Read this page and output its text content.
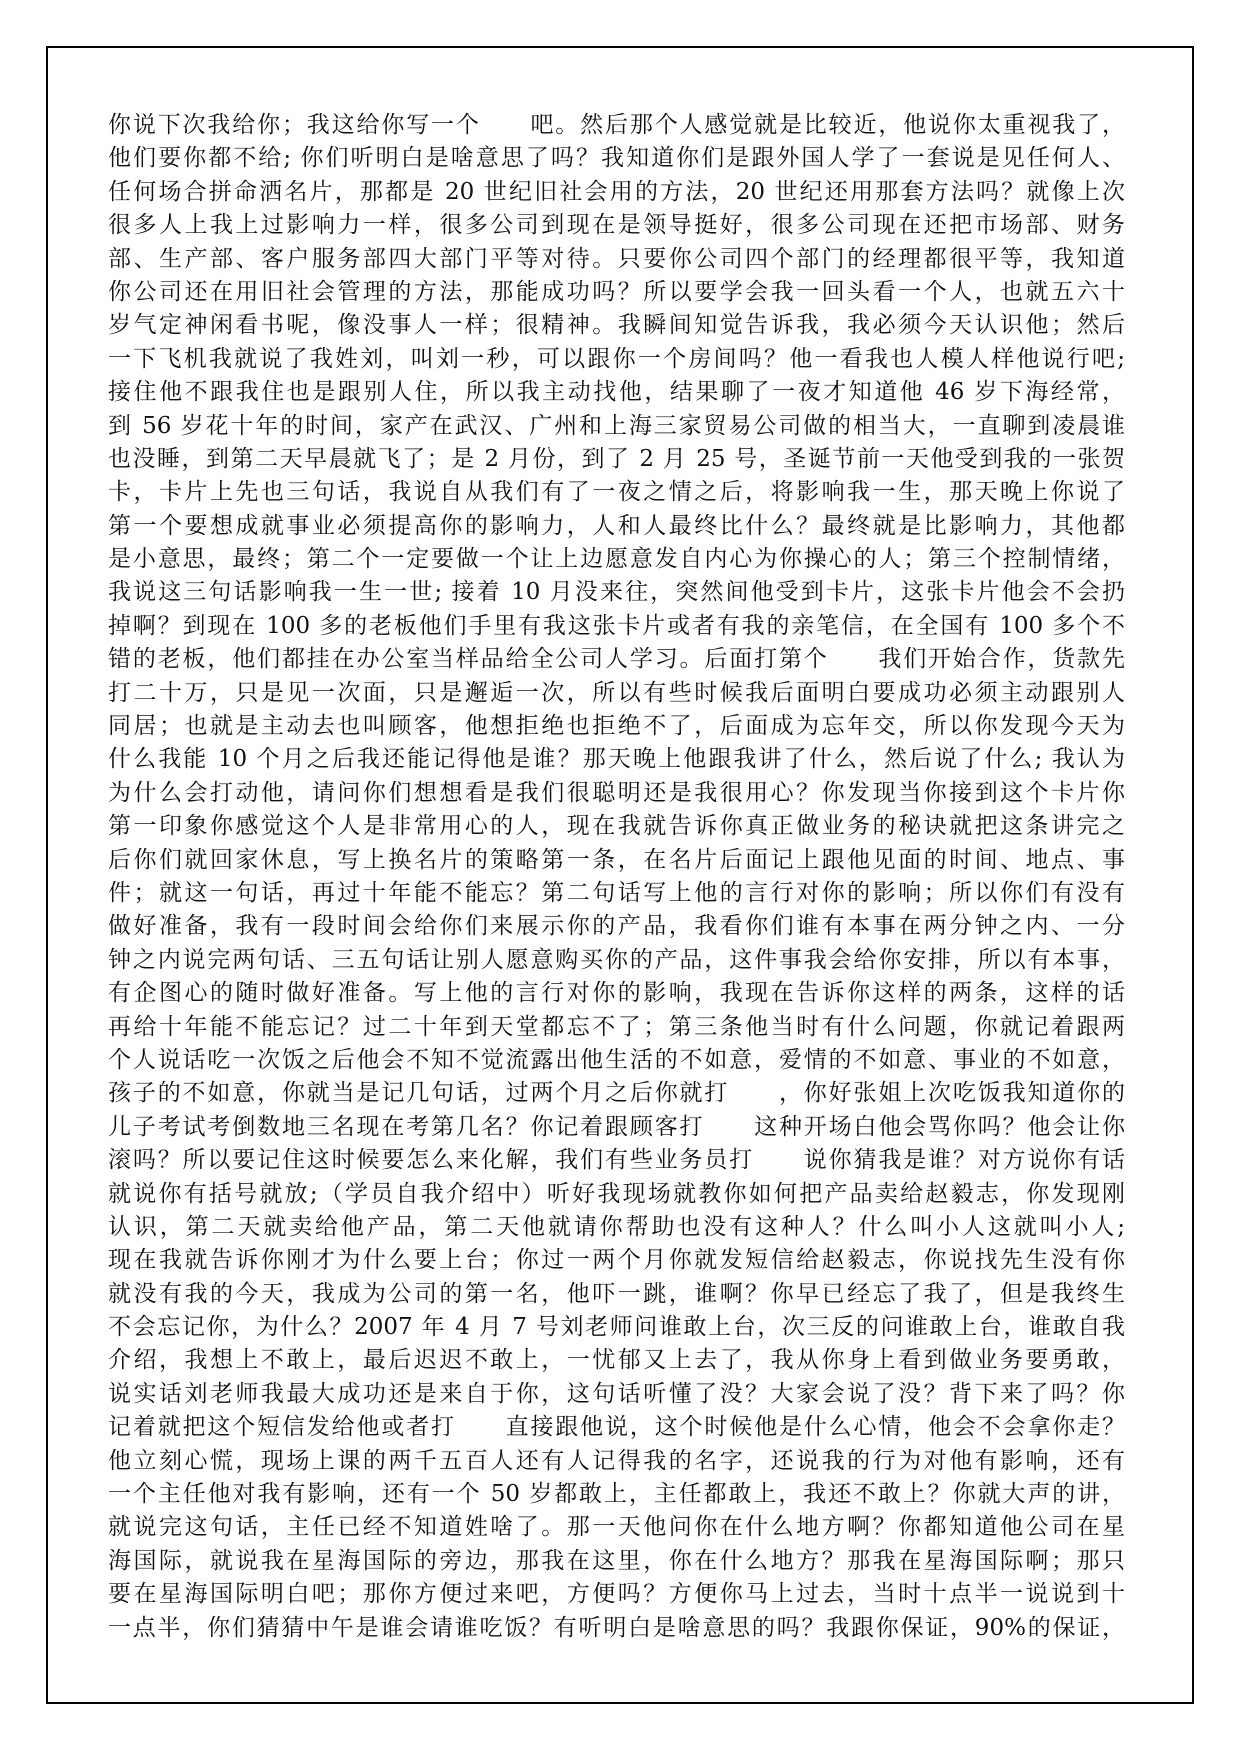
你说下次我给你；我这给你写一个　　吧。然后那个人感觉就是比较近，他说你太重视我了，
他们要你都不给; 你们听明白是啥意思了吗？我知道你们是跟外国人学了一套说是见任何人、
任何场合拼命洒名片，那都是 20 世纪旧社会用的方法，20 世纪还用那套方法吗？就像上次
很多人上我上过影响力一样，很多公司到现在是领导挺好，很多公司现在还把市场部、财务
部、生产部、客户服务部四大部门平等对待。只要你公司四个部门的经理都很平等，我知道
你公司还在用旧社会管理的方法，那能成功吗？所以要学会我一回头看一个人，也就五六十
岁气定神闲看书呢，像没事人一样；很精神。我瞬间知觉告诉我，我必须今天认识他；然后
一下飞机我就说了我姓刘，叫刘一秒，可以跟你一个房间吗？他一看我也人模人样他说行吧;
接住他不跟我住也是跟别人住，所以我主动找他，结果聊了一夜才知道他 46 岁下海经常，
到 56 岁花十年的时间，家产在武汉、广州和上海三家贸易公司做的相当大，一直聊到凌晨谁
也没睡，到第二天早晨就飞了；是 2 月份，到了 2 月 25 号，圣诞节前一天他受到我的一张贺
卡，卡片上先也三句话，我说自从我们有了一夜之情之后，将影响我一生，那天晚上你说了
第一个要想成就事业必须提高你的影响力，人和人最终比什么？最终就是比影响力，其他都
是小意思，最终；第二个一定要做一个让上边愿意发自内心为你操心的人；第三个控制情绪，
我说这三句话影响我一生一世; 接着 10 月没来往，突然间他受到卡片，这张卡片他会不会扔
掉啊？到现在 100 多的老板他们手里有我这张卡片或者有我的亲笔信，在全国有 100 多个不
错的老板，他们都挂在办公室当样品给全公司人学习。后面打第个　　我们开始合作，货款先
打二十万，只是见一次面，只是邂逅一次，所以有些时候我后面明白要成功必须主动跟别人
同居；也就是主动去也叫顾客，他想拒绝也拒绝不了，后面成为忘年交，所以你发现今天为
什么我能 10 个月之后我还能记得他是谁？那天晚上他跟我讲了什么，然后说了什么; 我认为
为什么会打动他，请问你们想想看是我们很聪明还是我很用心？你发现当你接到这个卡片你
第一印象你感觉这个人是非常用心的人，现在我就告诉你真正做业务的秘诀就把这条讲完之
后你们就回家休息，写上换名片的策略第一条，在名片后面记上跟他见面的时间、地点、事
件；就这一句话，再过十年能不能忘？第二句话写上他的言行对你的影响；所以你们有没有
做好准备，我有一段时间会给你们来展示你的产品，我看你们谁有本事在两分钟之内、一分
钟之内说完两句话、三五句话让别人愿意购买你的产品，这件事我会给你安排，所以有本事，
有企图心的随时做好准备。写上他的言行对你的影响，我现在告诉你这样的两条，这样的话
再给十年能不能忘记？过二十年到天堂都忘不了；第三条他当时有什么问题，你就记着跟两
个人说话吃一次饭之后他会不知不觉流露出他生活的不如意，爱情的不如意、事业的不如意，
孩子的不如意，你就当是记几句话，过两个月之后你就打　　，你好张姐上次吃饭我知道你的
儿子考试考倒数地三名现在考第几名？你记着跟顾客打　　这种开场白他会骂你吗？他会让你
滚吗？所以要记住这时候要怎么来化解，我们有些业务员打　　说你猜我是谁？对方说你有话
就说你有括号就放;（学员自我介绍中）听好我现场就教你如何把产品卖给赵毅志，你发现刚
认识，第二天就卖给他产品，第二天他就请你帮助也没有这种人？什么叫小人这就叫小人;
现在我就告诉你刚才为什么要上台；你过一两个月你就发短信给赵毅志，你说找先生没有你
就没有我的今天，我成为公司的第一名，他吓一跳，谁啊？你早已经忘了我了，但是我终生
不会忘记你，为什么？2007 年 4 月 7 号刘老师问谁敢上台，次三反的问谁敢上台，谁敢自我
介绍，我想上不敢上，最后迟迟不敢上，一忧郁又上去了，我从你身上看到做业务要勇敢，
说实话刘老师我最大成功还是来自于你，这句话听懂了没？大家会说了没？背下来了吗？你
记着就把这个短信发给他或者打　　直接跟他说，这个时候他是什么心情，他会不会拿你走？
他立刻心慌，现场上课的两千五百人还有人记得我的名字，还说我的行为对他有影响，还有
一个主任他对我有影响，还有一个 50 岁都敢上，主任都敢上，我还不敢上？你就大声的讲，
就说完这句话，主任已经不知道姓啥了。那一天他问你在什么地方啊？你都知道他公司在星
海国际，就说我在星海国际的旁边，那我在这里，你在什么地方？那我在星海国际啊；那只
要在星海国际明白吧；那你方便过来吧，方便吗？方便你马上过去，当时十点半一说说到十
一点半，你们猜猜中午是谁会请谁吃饭？有听明白是啥意思的吗？我跟你保证，90%的保证，
